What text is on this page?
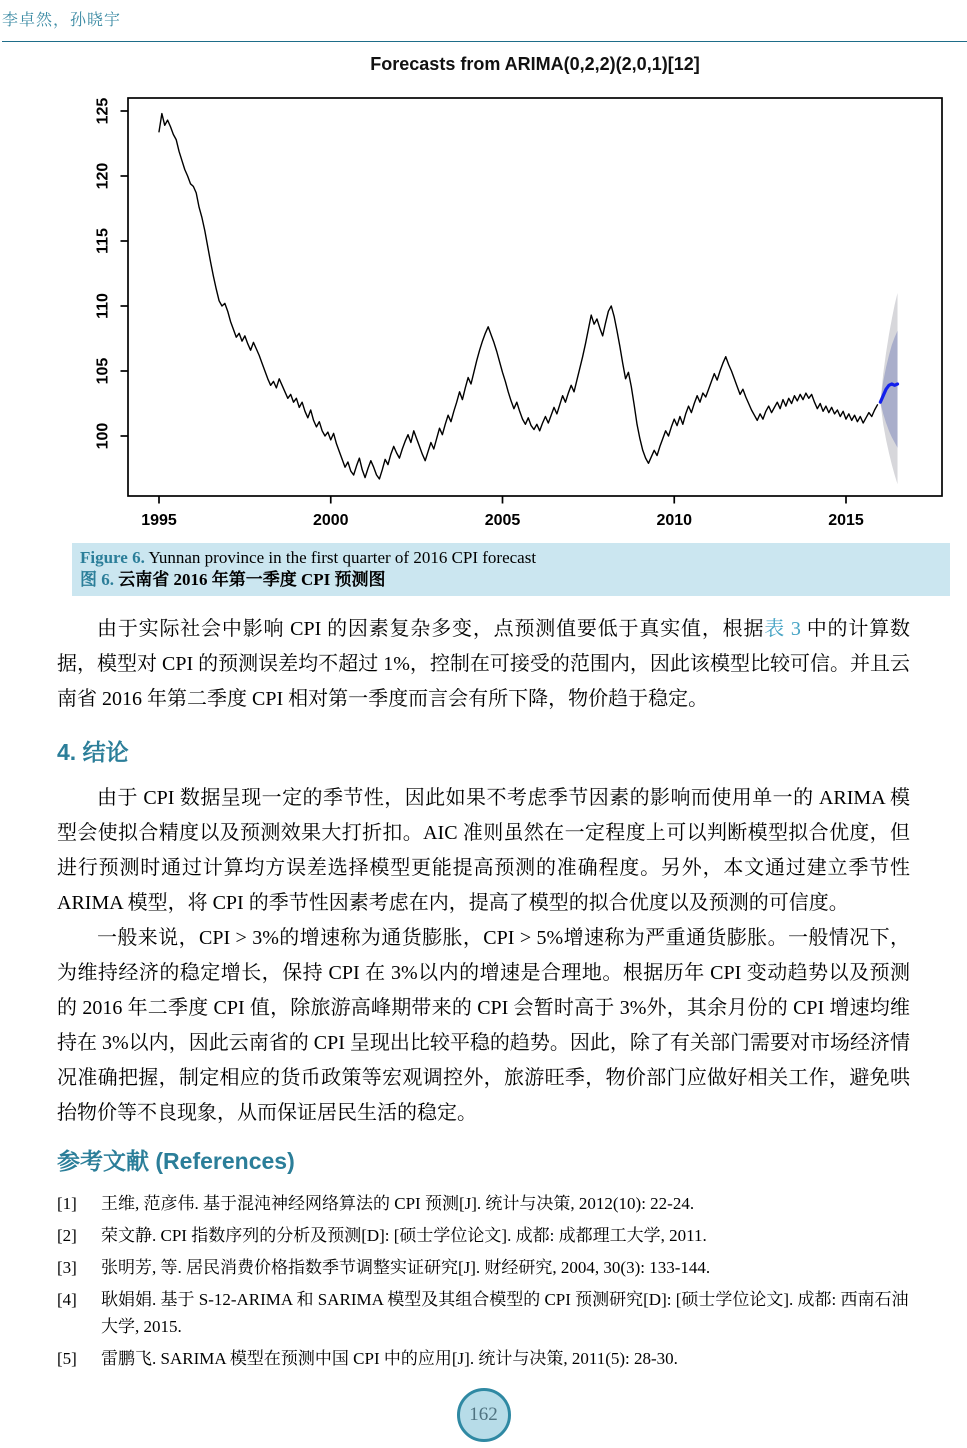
李卓然，孙晓宇
Forecasts from ARIMA(0,2,2)(2,0,1)[12]
100
105
110
115
120
125
1995	2000	2005	2010	2015
Figure 6. Yunnan province in the first quarter of 2016 CPI forecast
图 6. 云南省 2016 年第一季度 CPI 预测图

由于实际社会中影响 CPI 的因素复杂多变，点预测值要低于真实值，根据表 3 中的计算数据，模型对 CPI 的预测误差均不超过 1%，控制在可接受的范围内，因此该模型比较可信。并且云南省 2016 年第二季度 CPI 相对第一季度而言会有所下降，物价趋于稳定。

4. 结论

由于 CPI 数据呈现一定的季节性，因此如果不考虑季节因素的影响而使用单一的 ARIMA 模型会使拟合精度以及预测效果大打折扣。AIC 准则虽然在一定程度上可以判断模型拟合优度，但进行预测时通过计算均方误差选择模型更能提高预测的准确程度。另外，本文通过建立季节性 ARIMA 模型，将 CPI 的季节性因素考虑在内，提高了模型的拟合优度以及预测的可信度。

一般来说，CPI > 3%的增速称为通货膨胀，CPI > 5%增速称为严重通货膨胀。一般情况下，为维持经济的稳定增长，保持 CPI 在 3%以内的增速是合理地。根据历年 CPI 变动趋势以及预测的 2016 年二季度 CPI 值，除旅游高峰期带来的 CPI 会暂时高于 3%外，其余月份的 CPI 增速均维持在 3%以内，因此云南省的 CPI 呈现出比较平稳的趋势。因此，除了有关部门需要对市场经济情况准确把握，制定相应的货币政策等宏观调控外，旅游旺季，物价部门应做好相关工作，避免哄抬物价等不良现象，从而保证居民生活的稳定。

参考文献 (References)
[1]	王维, 范彦伟. 基于混沌神经网络算法的 CPI 预测[J]. 统计与决策, 2012(10): 22-24.
[2]	荣文静. CPI 指数序列的分析及预测[D]: [硕士学位论文]. 成都: 成都理工大学, 2011.
[3]	张明芳, 等. 居民消费价格指数季节调整实证研究[J]. 财经研究, 2004, 30(3): 133-144.
[4]	耿娟娟. 基于 S-12-ARIMA 和 SARIMA 模型及其组合模型的 CPI 预测研究[D]: [硕士学位论文]. 成都: 西南石油大学, 2015.
[5]	雷鹏飞. SARIMA 模型在预测中国 CPI 中的应用[J]. 统计与决策, 2011(5): 28-30.
162
